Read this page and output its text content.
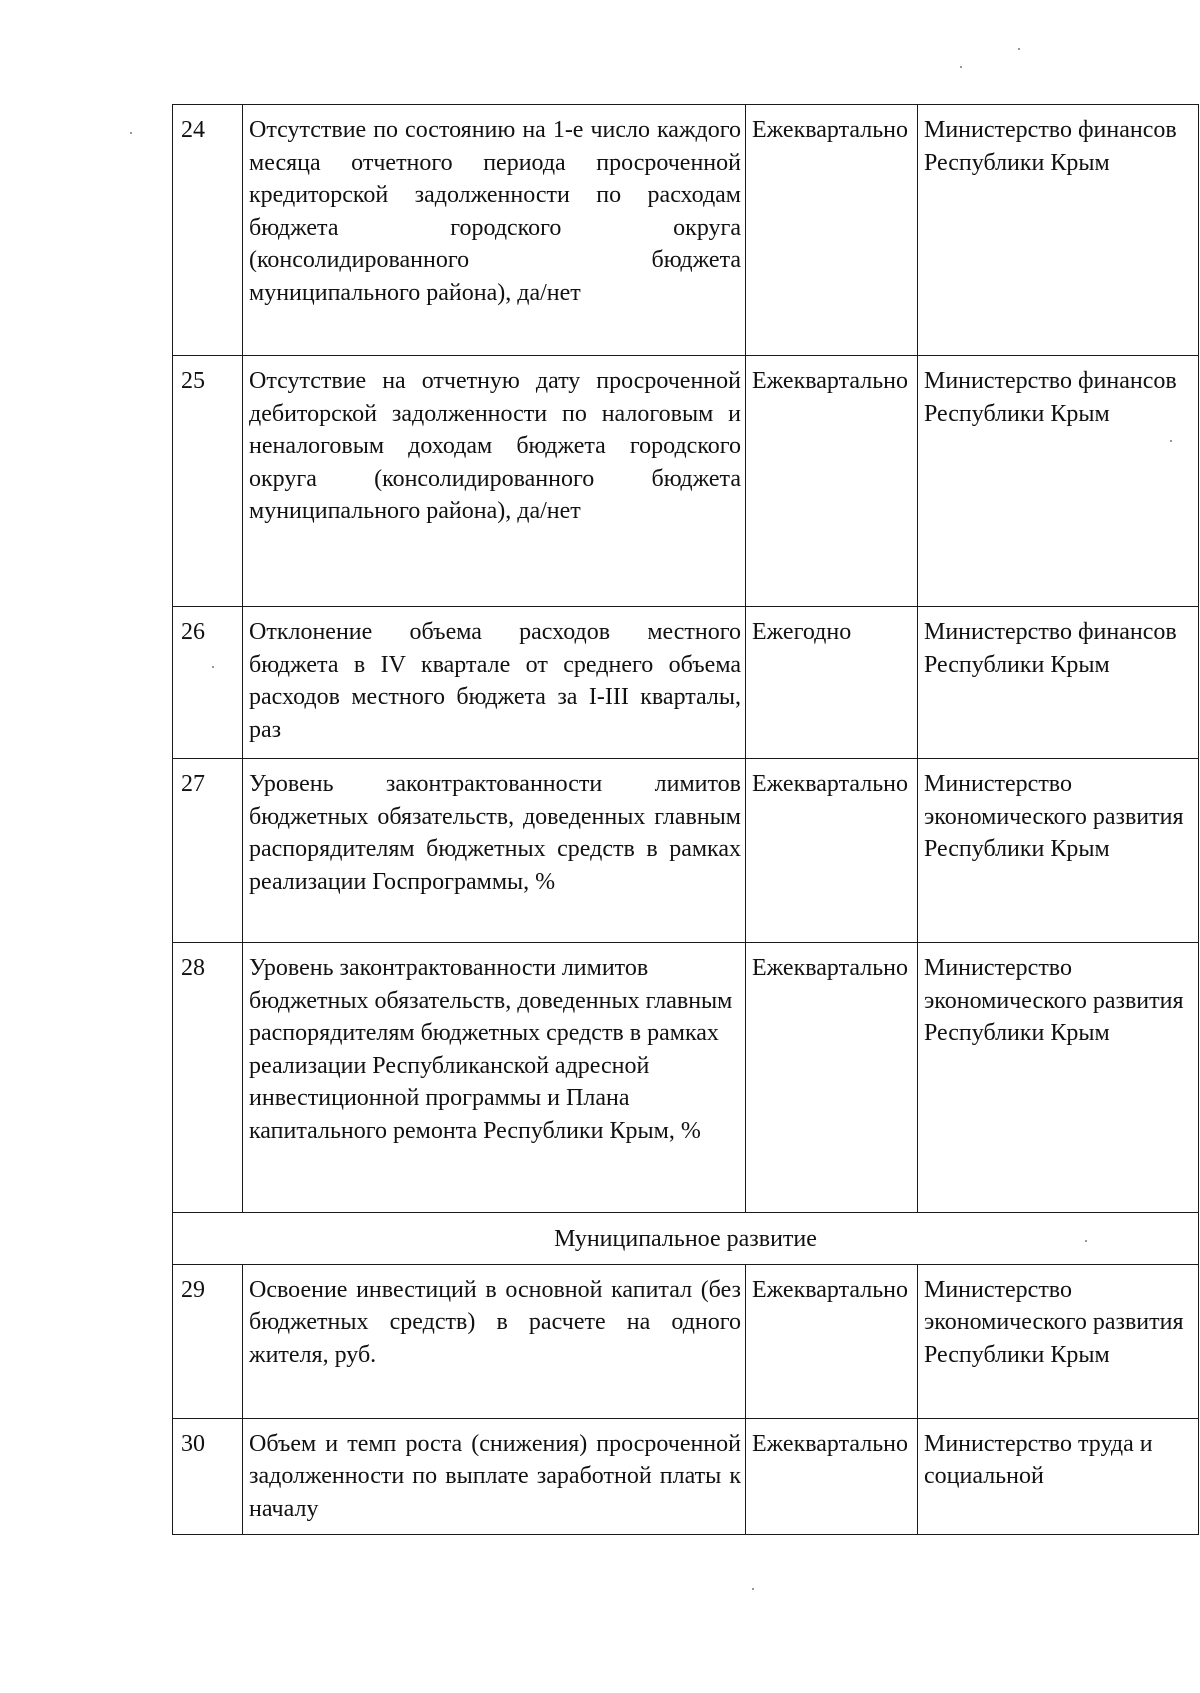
24	Отсутствие по состоянию на 1-е число каждого месяца отчетного периода просроченной кредиторской задолженности по расходам бюджета городского округа (консолидированного бюджета муниципального района), да/нет	Ежеквартально	Министерство финансов Республики Крым
25	Отсутствие на отчетную дату просроченной дебиторской задолженности по налоговым и неналоговым доходам бюджета городского округа (консолидированного бюджета муниципального района), да/нет	Ежеквартально	Министерство финансов Республики Крым
26	Отклонение объема расходов местного бюджета в IV квартале от среднего объема расходов местного бюджета за I-III кварталы, раз	Ежегодно	Министерство финансов Республики Крым
27	Уровень законтрактованности лимитов бюджетных обязательств, доведенных главным распорядителям бюджетных средств в рамках реализации Госпрограммы, %	Ежеквартально	Министерство экономического развития Республики Крым
28	Уровень законтрактованности лимитов бюджетных обязательств, доведенных главным распорядителям бюджетных средств в рамках реализации Республиканской адресной инвестиционной программы и Плана капитального ремонта Республики Крым, %	Ежеквартально	Министерство экономического развития Республики Крым
Муниципальное развитие			
29	Освоение инвестиций в основной капитал (без бюджетных средств) в расчете на одного жителя, руб.	Ежеквартально	Министерство экономического развития Республики Крым
30	Объем и темп роста (снижения) просроченной задолженности по выплате заработной платы к началу	Ежеквартально	Министерство труда и социальной
